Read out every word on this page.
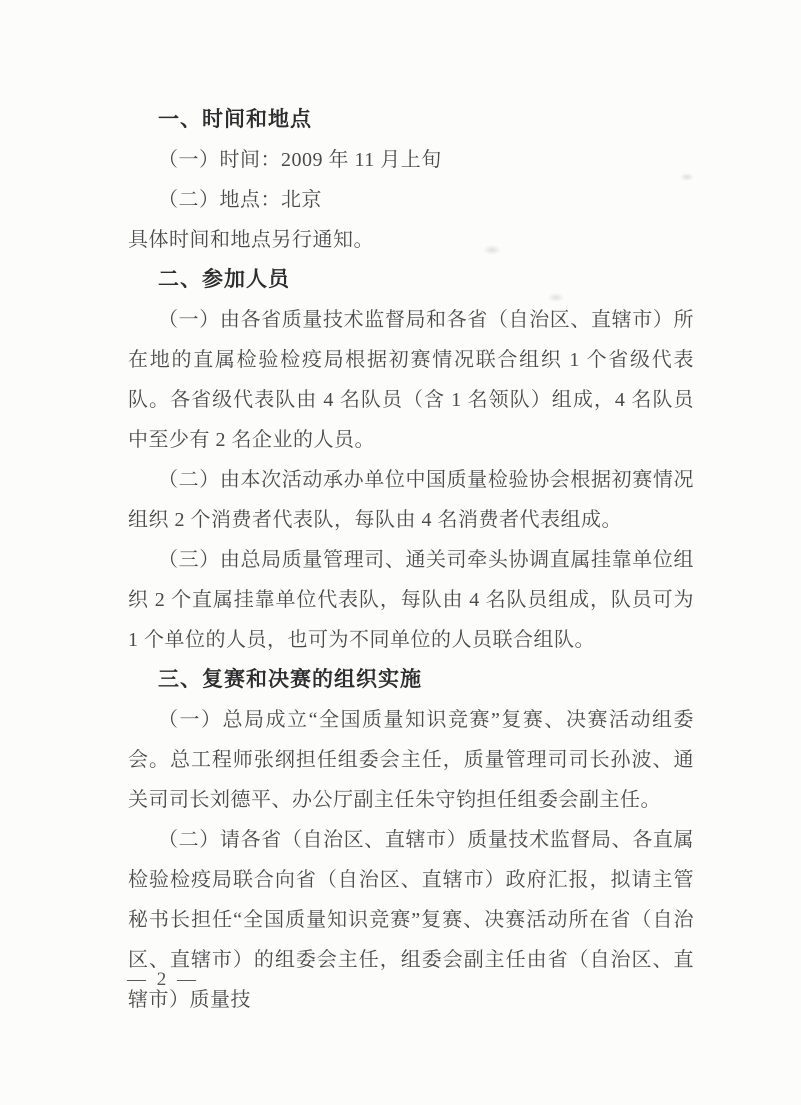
一、时间和地点

（一）时间：2009 年 11 月上旬

（二）地点：北京

具体时间和地点另行通知。

二、参加人员

（一）由各省质量技术监督局和各省（自治区、直辖市）所在地的直属检验检疫局根据初赛情况联合组织 1 个省级代表队。各省级代表队由 4 名队员（含 1 名领队）组成，4 名队员中至少有 2 名企业的人员。

（二）由本次活动承办单位中国质量检验协会根据初赛情况组织 2 个消费者代表队，每队由 4 名消费者代表组成。

（三）由总局质量管理司、通关司牵头协调直属挂靠单位组织 2 个直属挂靠单位代表队，每队由 4 名队员组成，队员可为 1 个单位的人员，也可为不同单位的人员联合组队。

三、复赛和决赛的组织实施

（一）总局成立“全国质量知识竞赛”复赛、决赛活动组委会。总工程师张纲担任组委会主任，质量管理司司长孙波、通关司司长刘德平、办公厅副主任朱守钧担任组委会副主任。

（二）请各省（自治区、直辖市）质量技术监督局、各直属检验检疫局联合向省（自治区、直辖市）政府汇报，拟请主管秘书长担任“全国质量知识竞赛”复赛、决赛活动所在省（自治区、直辖市）的组委会主任，组委会副主任由省（自治区、直辖市）质量技

— 2 —
